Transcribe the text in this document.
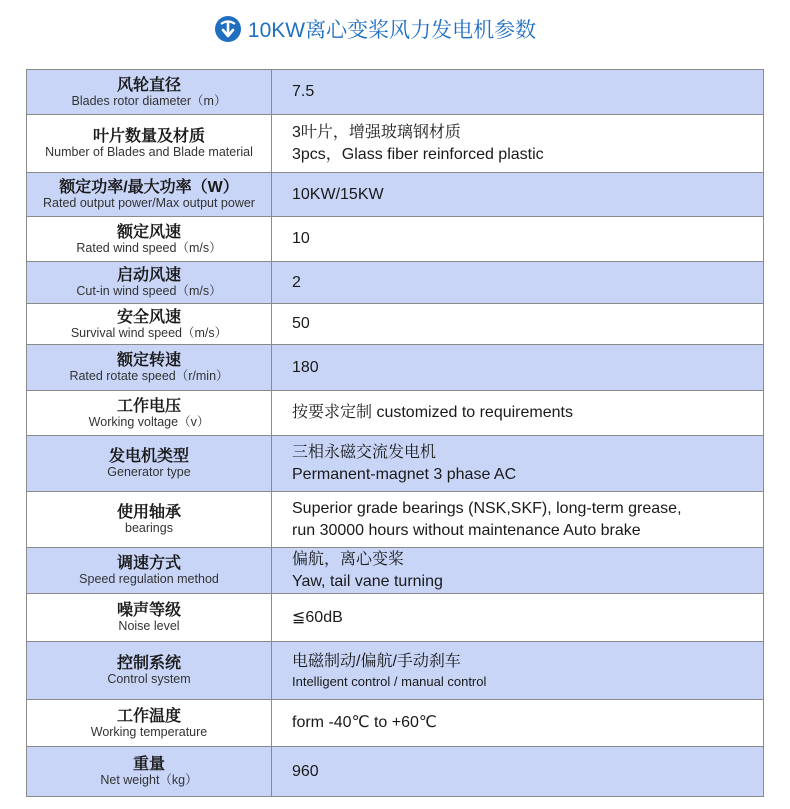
10KW离心变桨风力发电机参数
风轮直径
Blades rotor diameter（m）	7.5

叶片数量及材质
Number of Blades and Blade material	3叶片，增强玻璃钢材质
3pcs，Glass fiber reinforced plastic

额定功率/最大功率（W）
Rated output power/Max output power	10KW/15KW

额定风速
Rated wind speed（m/s）	10

启动风速
Cut-in wind speed（m/s）	2

安全风速
Survival wind speed（m/s）	50

额定转速
Rated rotate speed（r/min）	180

工作电压
Working voltage（v）	按要求定制 customized to requirements

发电机类型
Generator type	三相永磁交流发电机
Permanent-magnet 3 phase AC

使用轴承
bearings	Superior grade bearings (NSK,SKF), long-term grease,
run 30000 hours without maintenance Auto brake

调速方式
Speed regulation method	偏航，离心变桨
Yaw, tail vane turning

噪声等级
Noise level	≦60dB

控制系统
Control system	电磁制动/偏航/手动刹车
Intelligent control / manual control

工作温度
Working temperature	form -40℃ to +60℃

重量
Net weight（kg）	960
